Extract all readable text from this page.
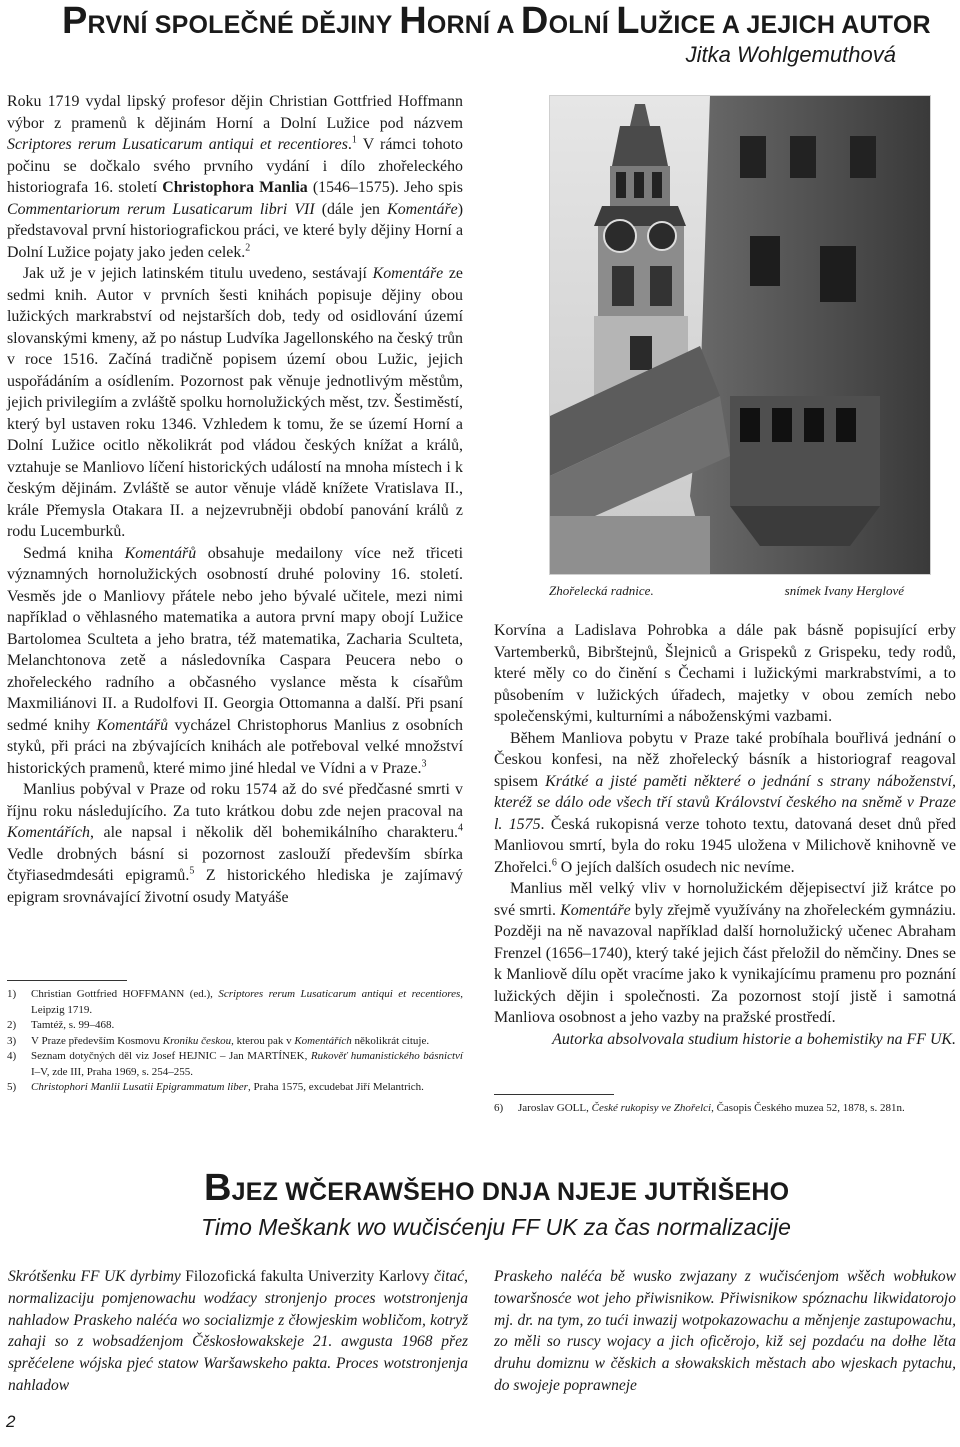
PRVNÍ SPOLEČNÉ DĚJINY HORNÍ A DOLNÍ LUŽICE A JEJICH AUTOR
Jitka Wohlgemuthová

Roku 1719 vydal lipský profesor dějin Christian Gottfried Hoffmann výbor z pramenů k dějinám Horní a Dolní Lužice pod názvem Scriptores rerum Lusaticarum antiqui et recentiores.$^1$ V rámci tohoto počinu se dočkalo svého prvního vydání i dílo zhořeleckého historiografa 16. století Christophora Manlia (1546–1575). Jeho spis Commentariorum rerum Lusaticarum libri VII (dále jen Komentáře) představoval první historiografickou práci, ve které byly dějiny Horní a Dolní Lužice pojaty jako jeden celek.$^2$

Jak už je v jejich latinském titulu uvedeno, sestávají Komentáře ze sedmi knih. Autor v prvních šesti knihách popisuje dějiny obou lužických markrabství od nejstarších dob, tedy od osidlování území slovanskými kmeny, až po nástup Ludvíka Jagellonského na český trůn v roce 1516. Začíná tradičně popisem území obou Lužic, jejich uspořádáním a osídlením. Pozornost pak věnuje jednotlivým městům, jejich privilegiím a zvláště spolku hornolužických měst, tzv. Šestiměstí, který byl ustaven roku 1346. Vzhledem k tomu, že se území Horní a Dolní Lužice ocitlo několikrát pod vládou českých knížat a králů, vztahuje se Manliovo líčení historických událostí na mnoha místech i k českým dějinám. Zvláště se autor věnuje vládě knížete Vratislava II., krále Přemysla Otakara II. a nejzevrubněji období panování králů z rodu Lucemburků.

Sedmá kniha Komentářů obsahuje medailony více než třiceti významných hornolužických osobností druhé poloviny 16. století. Vesměs jde o Manliovy přátele nebo jeho bývalé učitele, mezi nimi například o věhlasného matematika a autora první mapy obojí Lužice Bartolomea Sculteta a jeho bratra, též matematika, Zacharia Sculteta, Melanchtonova zetě a následovníka Caspara Peucera nebo o zhořeleckého radního a občasného vyslance města k císařům Maxmiliánovi II. a Rudolfovi II. Georgia Ottomanna a další. Při psaní sedmé knihy Komentářů vycházel Christophorus Manlius z osobních styků, při práci na zbývajících knihách ale potřeboval velké množství historických pramenů, které mimo jiné hledal ve Vídni a v Praze.$^3$

Manlius pobýval v Praze od roku 1574 až do své předčasné smrti v říjnu roku následujícího. Za tuto krátkou dobu zde nejen pracoval na Komentářích, ale napsal i několik děl bohemikálního charakteru.$^4$ Vedle drobných básní si pozornost zaslouží především sbírka čtyřiasedmdesáti epigramů.$^5$ Z historického hlediska je zajímavý epigram srovnávající životní osudy Matyáše

1) Christian Gottfried HOFFMANN (ed.), Scriptores rerum Lusaticarum antiqui et recentiores, Leipzig 1719.

2) Tamtéž, s. 99–468.

3) V Praze především Kosmovu Kroniku českou, kterou pak v Komentářích několikrát cituje.

4) Seznam dotyčných děl viz Josef HEJNIC – Jan MARTÍNEK, Rukověť humanistického básnictví I–V, zde III, Praha 1969, s. 254–255.

5) Christophori Manlii Lusatii Epigrammatum liber, Praha 1575, excudebat Jiří Melantrich.

Zhořelecká radnice.	snímek Ivany Herglové

Korvína a Ladislava Pohrobka a dále pak básně popisující erby Vartemberků, Bibrštejnů, Šlejniců a Grispeků z Grispeku, tedy rodů, které měly co do činění s Čechami i lužickými markrabstvími, a to působením v lužických úřadech, majetky v obou zemích nebo společenskými, kulturními a náboženskými vazbami.

Během Manliova pobytu v Praze také probíhala bouřlivá jednání o Českou konfesi, na něž zhořelecký básník a historiograf reagoval spisem Krátké a jisté paměti některé o jednání s strany náboženství, kteréž se dálo ode všech tří stavů Království českého na sněmě v Praze l. 1575. Česká rukopisná verze tohoto textu, datovaná deset dnů před Manliovou smrtí, byla do roku 1945 uložena v Milichově knihovně ve Zhořelci.$^6$ O jejích dalších osudech nic nevíme.

Manlius měl velký vliv v hornolužickém dějepisectví již krátce po své smrti. Komentáře byly zřejmě využívány na zhořeleckém gymnáziu. Později na ně navazoval například další hornolužický učenec Abraham Frenzel (1656–1740), který také jejich část přeložil do němčiny. Dnes se k Manliově dílu opět vracíme jako k vynikajícímu pramenu pro poznání lužických dějin i společnosti. Za pozornost stojí jistě i samotná Manliova osobnost a jeho vazby na pražské prostředí.

Autorka absolvovala studium historie a bohemistiky na FF UK.

6) Jaroslav GOLL, České rukopisy ve Zhořelci, Časopis Českého muzea 52, 1878, s. 281n.

BJEZ WČERAWŠEHO DNJA NJEJE JUTŘIŠEHO
Timo Meškank wo wučisćenju FF UK za čas normalizacije
Skrótšenku FF UK dyrbimy Filozofická fakulta Univerzity Karlovy čitać, normalizaciju pomjenowachu wodźacy stronjenjo proces wotstronjenja nahladow Praskeho naléća wo socializmje z čłowjeskim wobličom, kotryž zahaji so z wobsadźenjom Čěskosłowakskeje 21. awgusta 1968 přez sprěćelene wójska pjeć statow Waršawskeho pakta. Proces wotstronjenja nahladow
Praskeho naléća bě wusko zwjazany z wučisćenjom wšěch wobłukow towaršnosće wot jeho přiwisnikow. Přiwisnikow spóznachu likwidatorojo mj. dr. na tym, zo tući inwazij wotpokazowachu a měnjenje zastupowachu, zo měli so ruscy wojacy a jich oficěrojo, kiž sej pozdaću na dołhe lěta druhu domiznu w čěskich a słowakskich městach abo wjeskach pytachu, do swojeje poprawneje
2
